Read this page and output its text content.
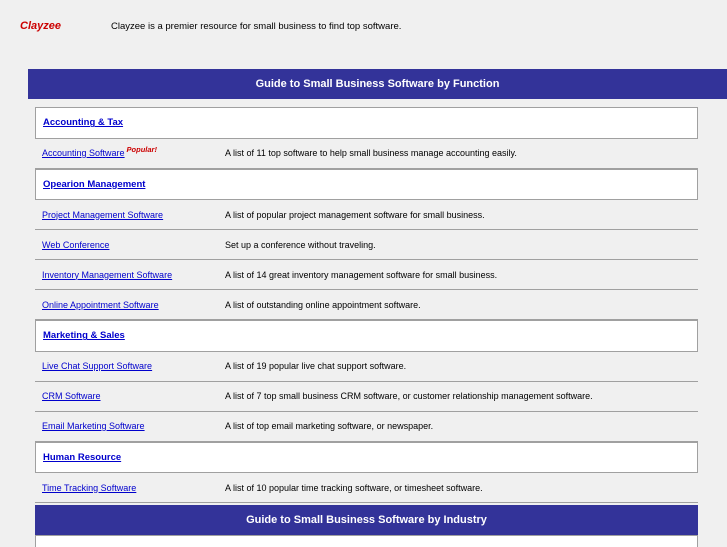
Clayzee	Clayzee is a premier resource for small business to find top software.
Guide to Small Business Software by Function
Accounting & Tax
Accounting Software Popular!	A list of 11 top software to help small business manage accounting easily.
Opearion Management
Project Management Software	A list of popular project management software for small business.
Web Conference	Set up a conference without traveling.
Inventory Management Software	A list of 14 great inventory management software for small business.
Online Appointment Software	A list of outstanding online appointment software.
Marketing & Sales
Live Chat Support Software	A list of 19 popular live chat support software.
CRM Software	A list of 7 top small business CRM software, or customer relationship management software.
Email Marketing Software	A list of top email marketing software, or newspaper.
Human Resource
Time Tracking Software	A list of 10 popular time tracking software, or timesheet software.
Guide to Small Business Software by Industry
